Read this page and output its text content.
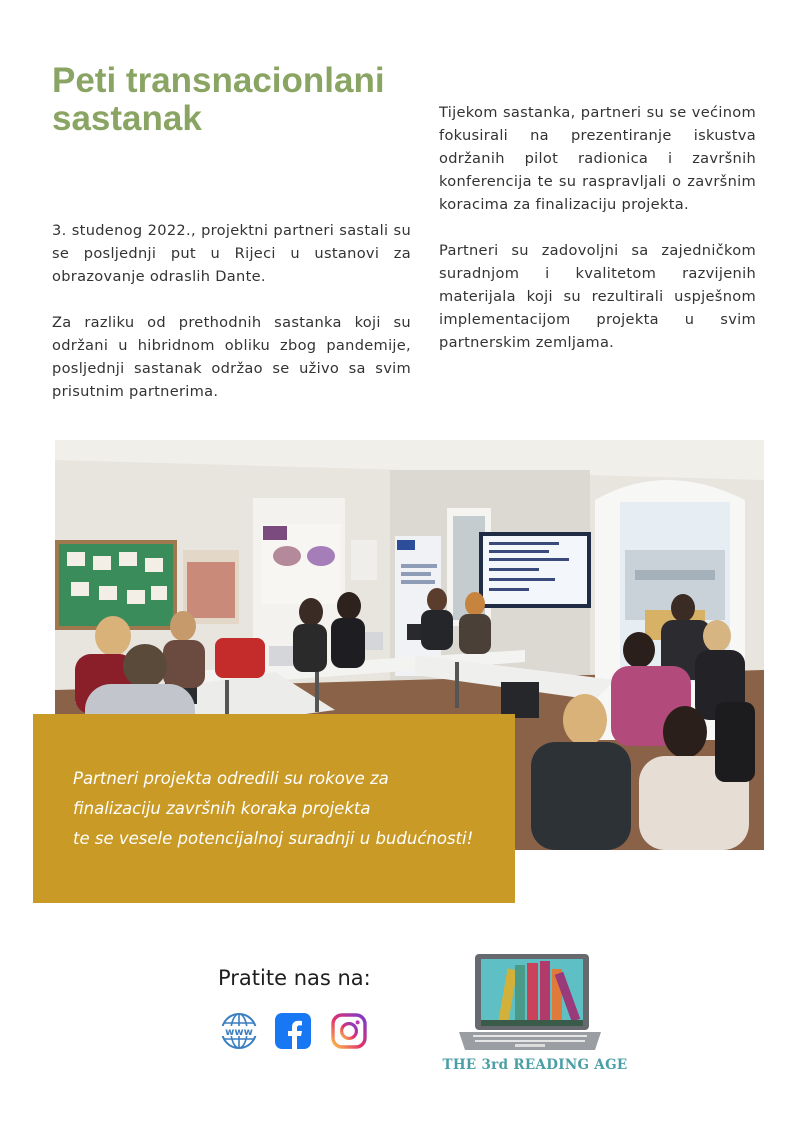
Peti transnacionlani
sastanak

3. studenog 2022., projektni partneri sastali su se posljednji put u Rijeci u ustanovi za obrazovanje odraslih Dante.

Za razliku od prethodnih sastanka koji su održani u hibridnom obliku zbog pandemije, posljednji sastanak održao se uživo sa svim prisutnim partnerima.

Tijekom sastanka, partneri su se većinom fokusirali na prezentiranje iskustva održanih pilot radionica i završnih konferencija te su raspravljali o završnim koracima za finalizaciju projekta.

Partneri su zadovoljni sa zajedničkom suradnjom i kvalitetom razvijenih materijala koji su rezultirali uspješnom implementacijom projekta u svim partnerskim zemljama.

Partneri projekta odredili su rokove za
finalizaciju završnih koraka projekta
te se vesele potencijalnoj suradnji u budućnosti!

Pratite nas na:
www
THE 3rd READING AGE
